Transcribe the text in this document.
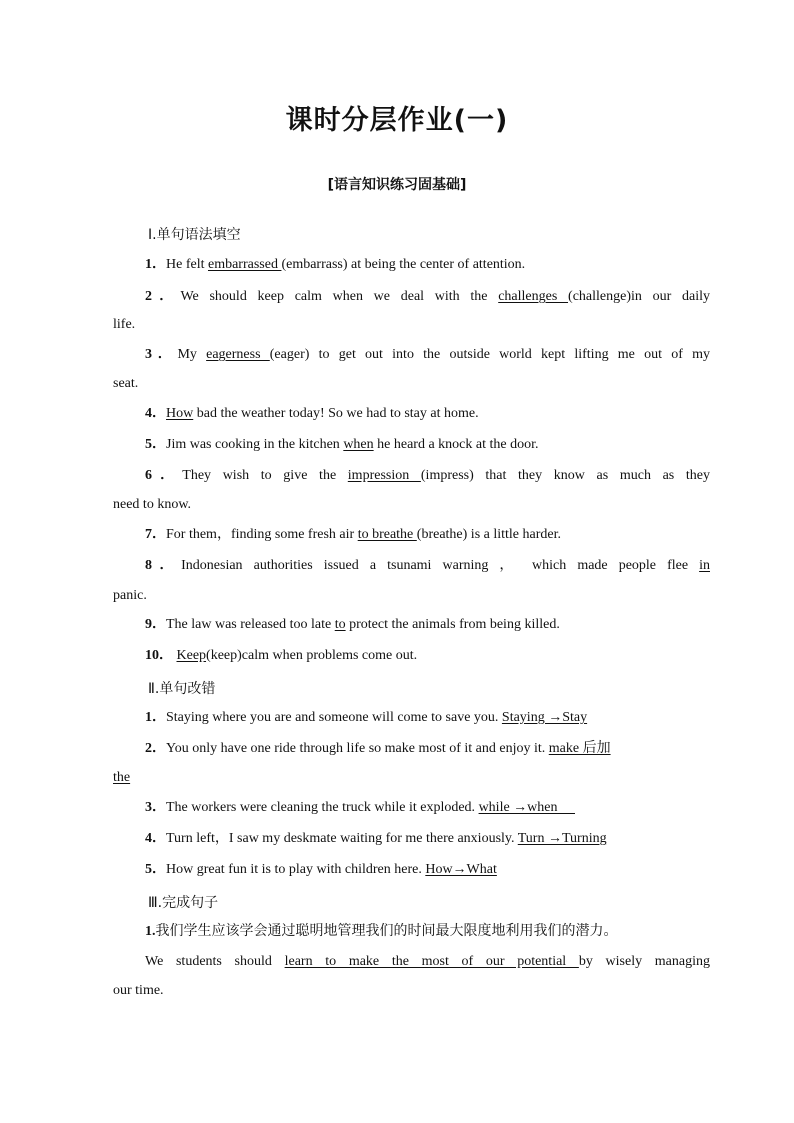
课时分层作业(一)
[语言知识练习固基础]
Ⅰ.单句语法填空
1．He felt embarrassed (embarrass) at being the center of attention.
2．We should keep calm when we deal with the challenges (challenge)in our daily
life.
3．My eagerness (eager) to get out into the outside world kept lifting me out of my
seat.
4．How bad the weather today! So we had to stay at home.
5．Jim was cooking in the kitchen when he heard a knock at the door.
6．They wish to give the impression (impress) that they know as much as they
need to know.
7．For them，finding some fresh air to breathe (breathe) is a little harder.
8．Indonesian authorities issued a tsunami warning ， which made people flee in
panic.
9．The law was released too late to protect the animals from being killed.
10． Keep(keep)calm when problems come out.
Ⅱ.单句改错
1．Staying where you are and someone will come to save you. Staying →Stay
2．You only have one ride through life so make most of it and enjoy it. make 后加
the
3．The workers were cleaning the truck while it exploded. while →when
4．Turn left，I saw my deskmate waiting for me there anxiously. Turn →Turning
5．How great fun it is to play with children here. How→What
Ⅲ.完成句子
1.我们学生应该学会通过聪明地管理我们的时间最大限度地利用我们的潜力。
We students should learn to make the most of our potential by wisely managing
our time.
